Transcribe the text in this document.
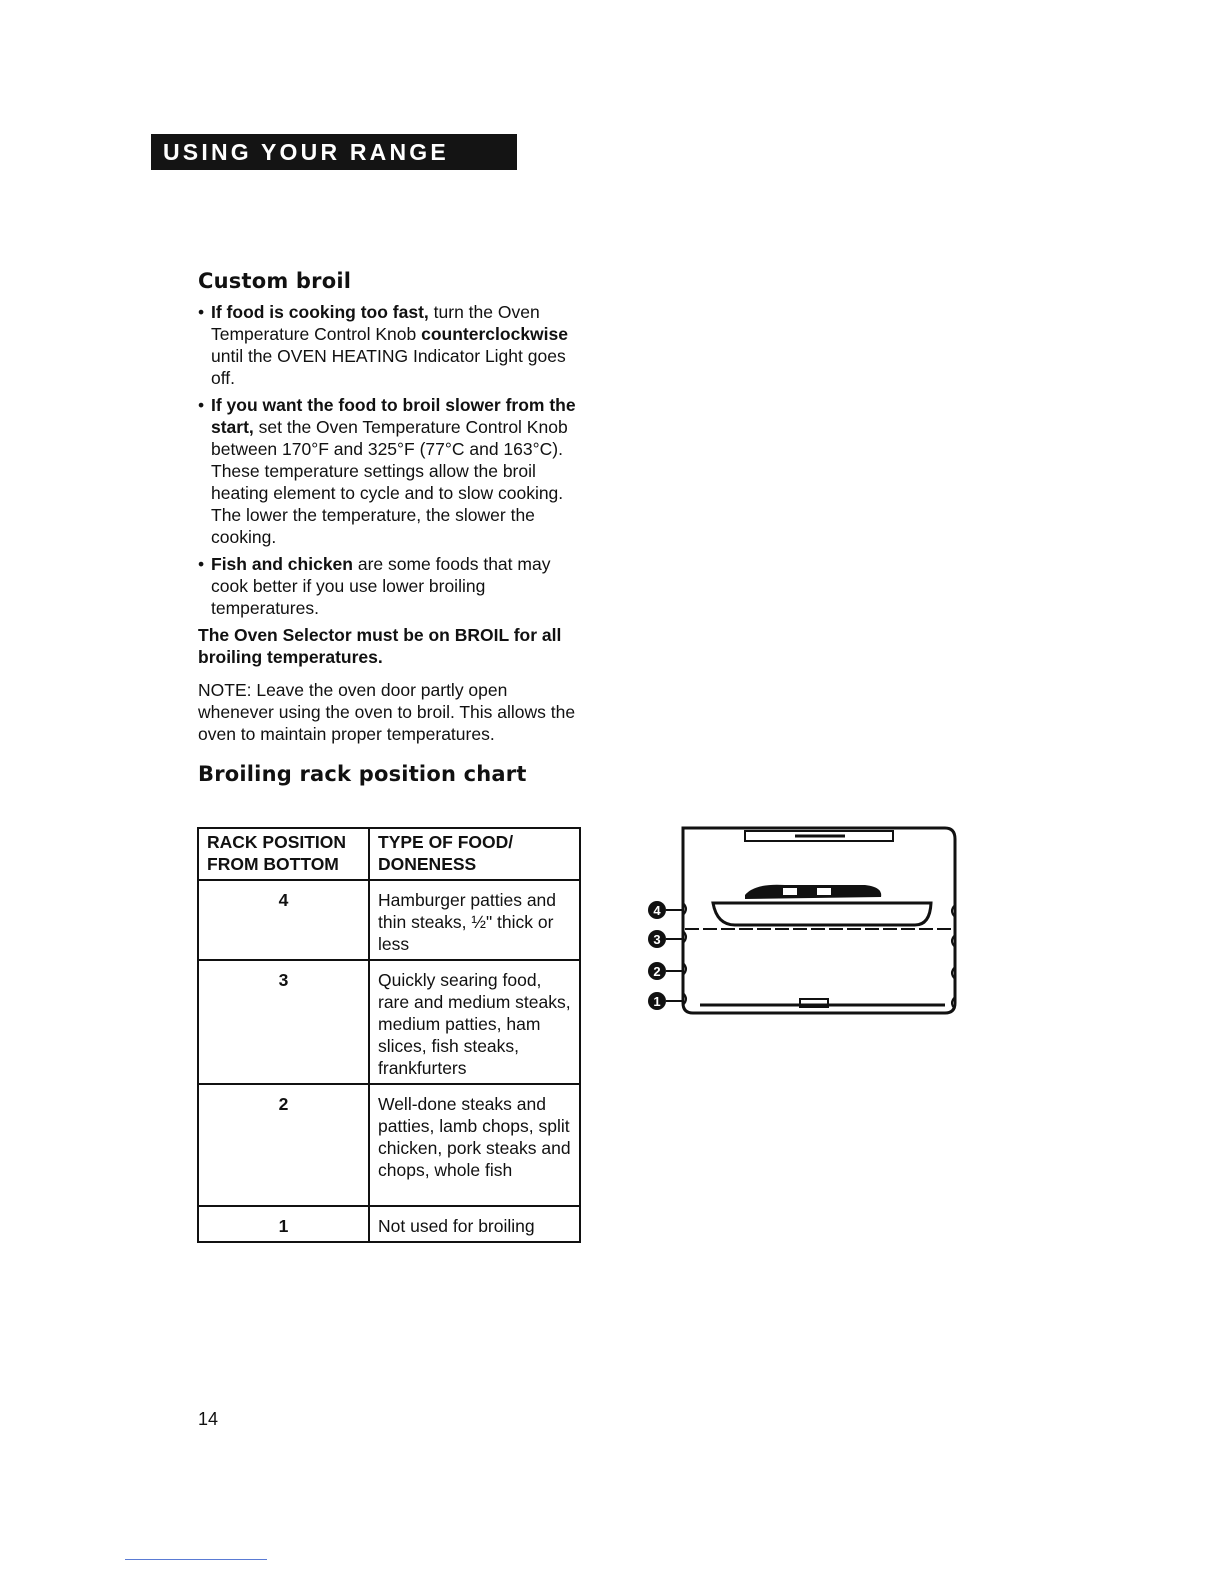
USING YOUR RANGE
Custom broil
• If food is cooking too fast, turn the Oven Temperature Control Knob counterclockwise until the OVEN HEATING Indicator Light goes off.
• If you want the food to broil slower from the start, set the Oven Temperature Control Knob between 170°F and 325°F (77°C and 163°C). These temperature settings allow the broil heating element to cycle and to slow cooking. The lower the temperature, the slower the cooking.
• Fish and chicken are some foods that may cook better if you use lower broiling temperatures.

The Oven Selector must be on BROIL for all broiling temperatures.

NOTE: Leave the oven door partly open whenever using the oven to broil. This allows the oven to maintain proper temperatures.

Broiling rack position chart
RACK POSITION FROM BOTTOM	TYPE OF FOOD/ DONENESS
4	Hamburger patties and thin steaks, ½" thick or less
3	Quickly searing food, rare and medium steaks, medium patties, ham slices, fish steaks, frankfurters
2	Well-done steaks and patties, lamb chops, split chicken, pork steaks and chops, whole fish
1	Not used for broiling
4
3
2
1
14
